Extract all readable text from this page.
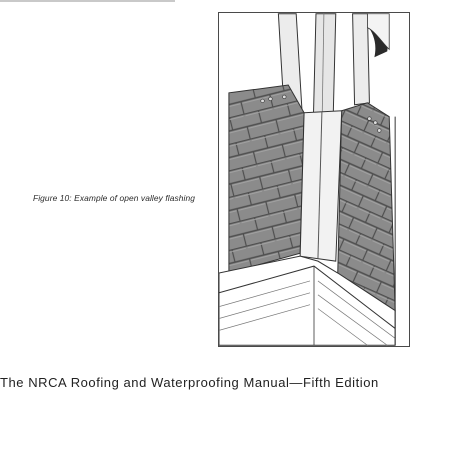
Figure 10: Example of open valley flashing
The NRCA Roofing and Waterproofing Manual—Fifth Edition
